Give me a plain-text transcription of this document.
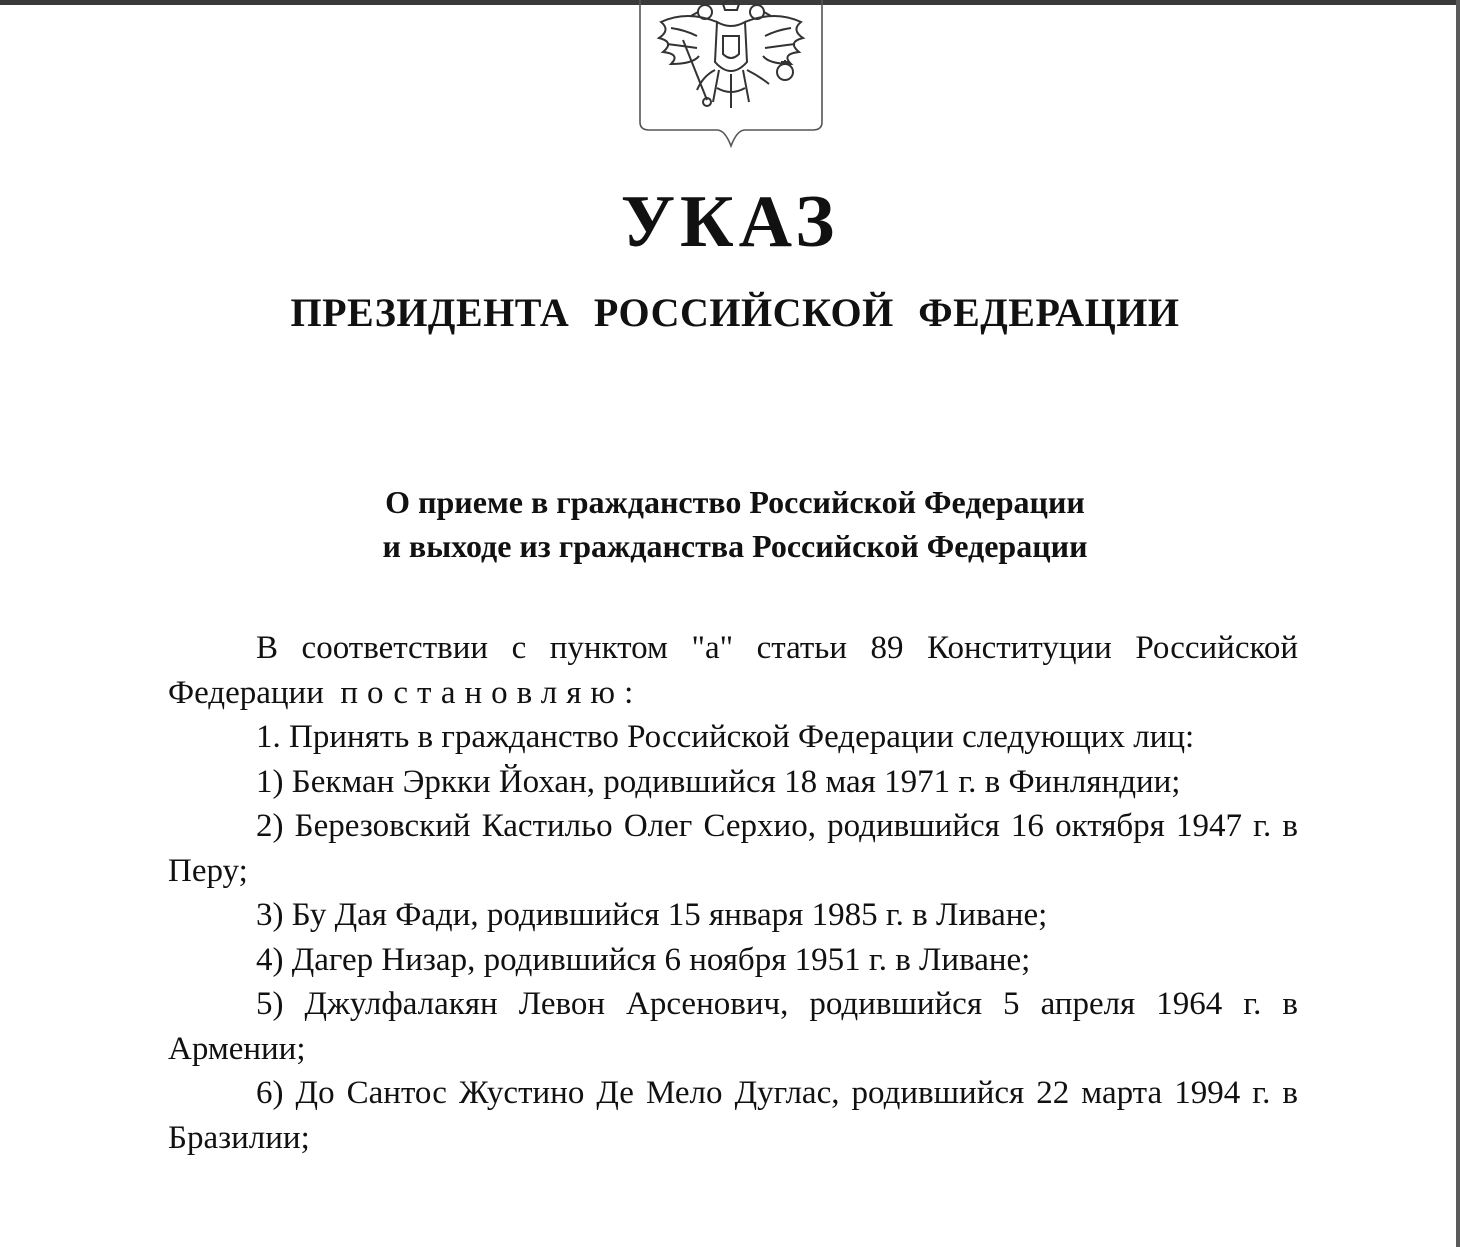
УКАЗ
ПРЕЗИДЕНТА РОССИЙСКОЙ ФЕДЕРАЦИИ
О приеме в гражданство Российской Федерации
и выходе из гражданства Российской Федерации

В соответствии с пунктом "а" статьи 89 Конституции Российской Федерации постановляю:

1. Принять в гражданство Российской Федерации следующих лиц:

1) Бекман Эркки Йохан, родившийся 18 мая 1971 г. в Финляндии;

2) Березовский Кастильо Олег Серхио, родившийся 16 октября 1947 г. в Перу;

3) Бу Дая Фади, родившийся 15 января 1985 г. в Ливане;

4) Дагер Низар, родившийся 6 ноября 1951 г. в Ливане;

5) Джулфалакян Левон Арсенович, родившийся 5 апреля 1964 г. в Армении;

6) До Сантос Жустино Де Мело Дуглас, родившийся 22 марта 1994 г. в Бразилии;
